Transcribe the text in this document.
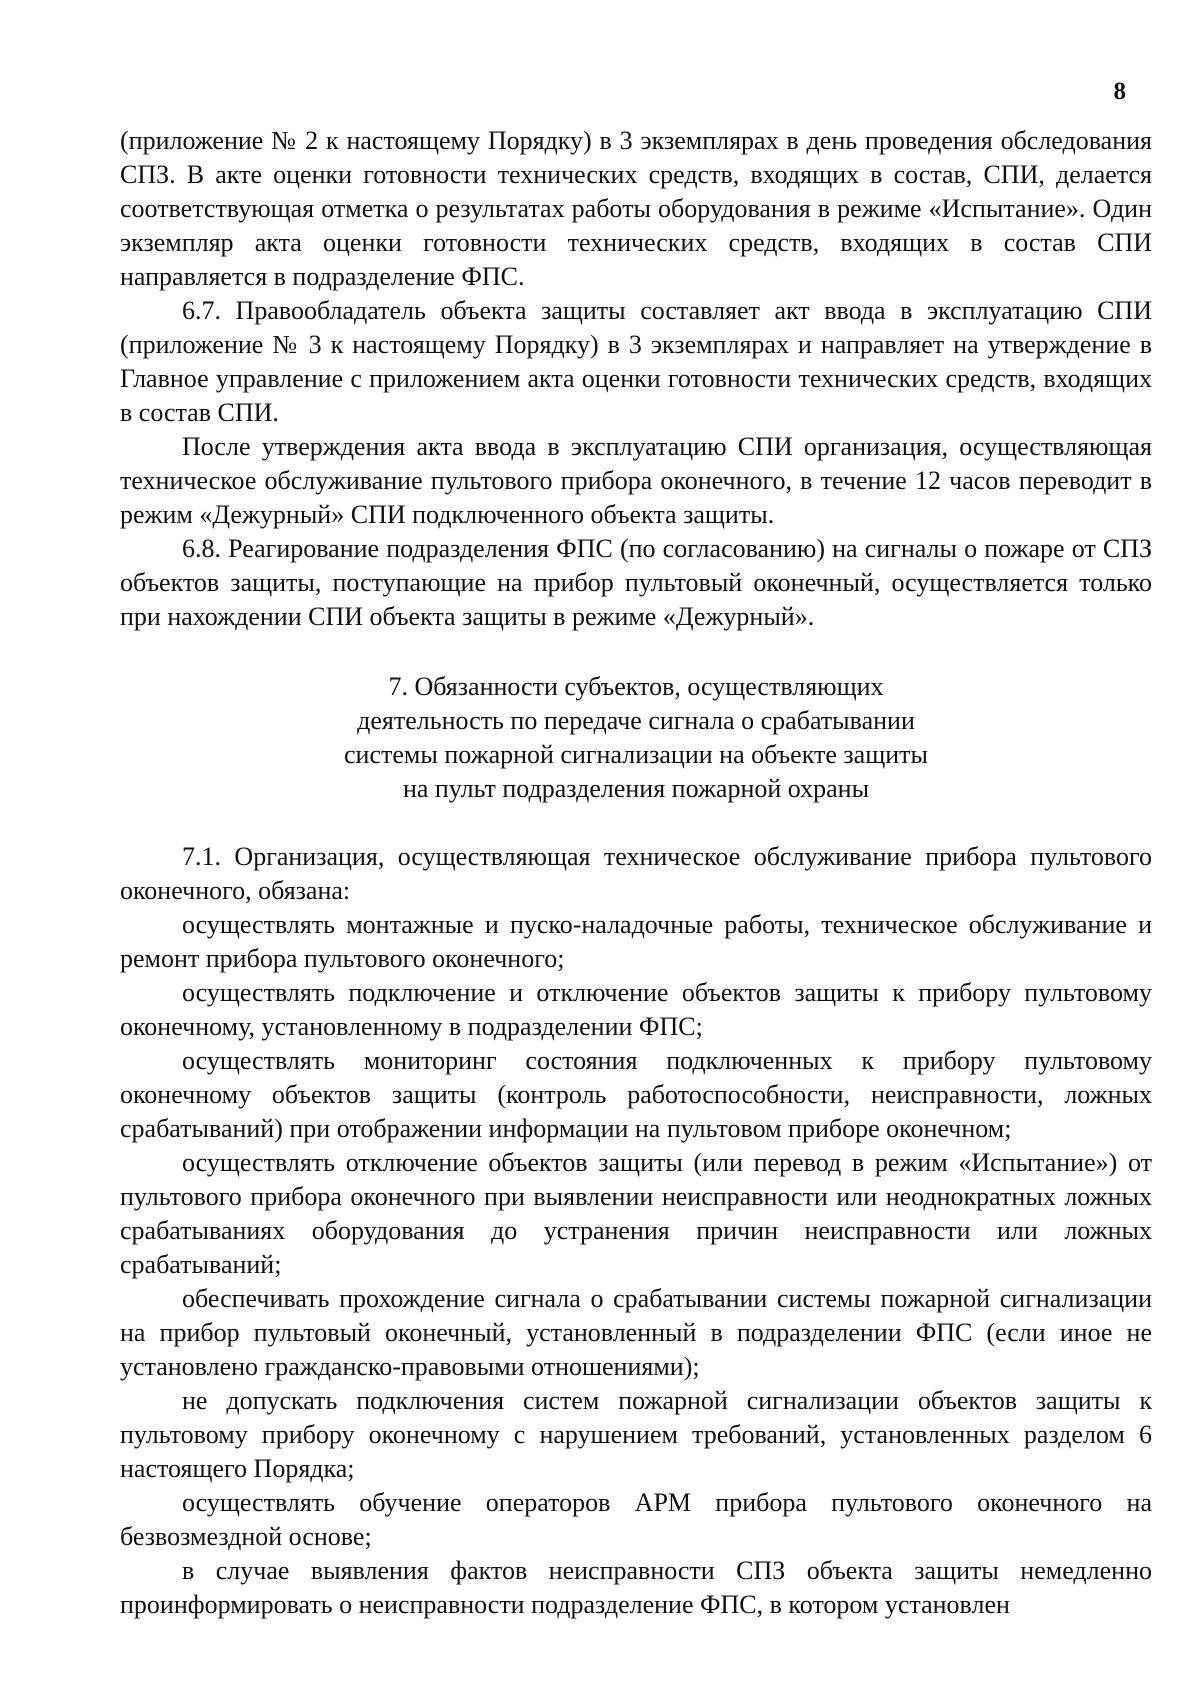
8

(приложение № 2 к настоящему Порядку) в 3 экземплярах в день проведения обследования СПЗ. В акте оценки готовности технических средств, входящих в состав, СПИ, делается соответствующая отметка о результатах работы оборудования в режиме «Испытание». Один экземпляр акта оценки готовности технических средств, входящих в состав СПИ направляется в подразделение ФПС.

6.7. Правообладатель объекта защиты составляет акт ввода в эксплуатацию СПИ (приложение № 3 к настоящему Порядку) в 3 экземплярах и направляет на утверждение в Главное управление с приложением акта оценки готовности технических средств, входящих в состав СПИ.

После утверждения акта ввода в эксплуатацию СПИ организация, осуществляющая техническое обслуживание пультового прибора оконечного, в течение 12 часов переводит в режим «Дежурный» СПИ подключенного объекта защиты.

6.8. Реагирование подразделения ФПС (по согласованию) на сигналы о пожаре от СПЗ объектов защиты, поступающие на прибор пультовый оконечный, осуществляется только при нахождении СПИ объекта защиты в режиме «Дежурный».

7. Обязанности субъектов, осуществляющих
деятельность по передаче сигнала о срабатывании
системы пожарной сигнализации на объекте защиты
на пульт подразделения пожарной охраны

7.1. Организация, осуществляющая техническое обслуживание прибора пультового оконечного, обязана:

осуществлять монтажные и пуско-наладочные работы, техническое обслуживание и ремонт прибора пультового оконечного;

осуществлять подключение и отключение объектов защиты к прибору пультовому оконечному, установленному в подразделении ФПС;

осуществлять мониторинг состояния подключенных к прибору пультовому оконечному объектов защиты (контроль работоспособности, неисправности, ложных срабатываний) при отображении информации на пультовом приборе оконечном;

осуществлять отключение объектов защиты (или перевод в режим «Испытание») от пультового прибора оконечного при выявлении неисправности или неоднократных ложных срабатываниях оборудования до устранения причин неисправности или ложных срабатываний;

обеспечивать прохождение сигнала о срабатывании системы пожарной сигнализации на прибор пультовый оконечный, установленный в подразделении ФПС (если иное не установлено гражданско-правовыми отношениями);

не допускать подключения систем пожарной сигнализации объектов защиты к пультовому прибору оконечному с нарушением требований, установленных разделом 6 настоящего Порядка;

осуществлять обучение операторов АРМ прибора пультового оконечного на безвозмездной основе;

в случае выявления фактов неисправности СПЗ объекта защиты немедленно проинформировать о неисправности подразделение ФПС, в котором установлен
